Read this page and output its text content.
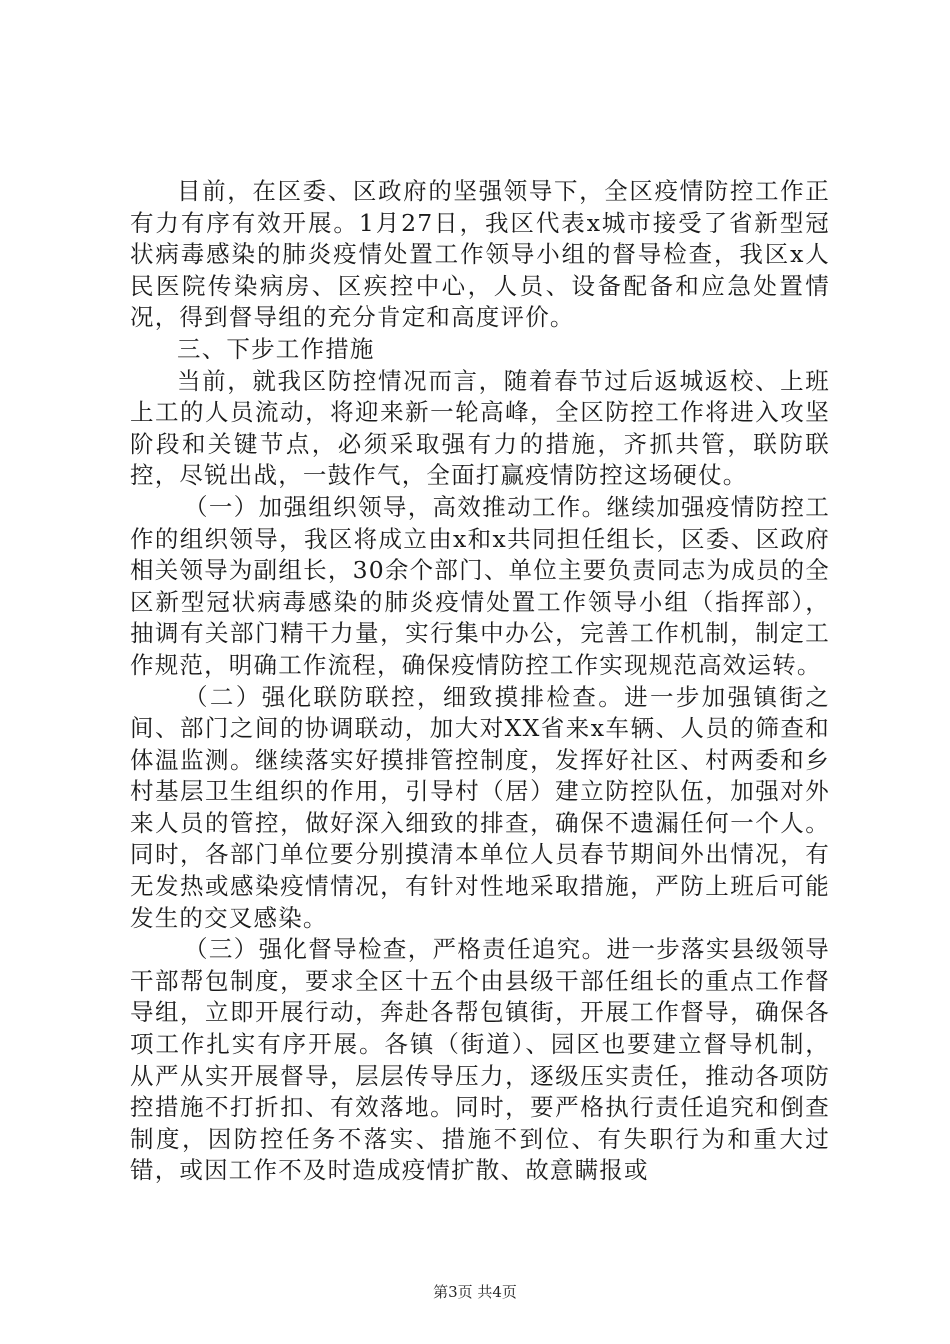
目前，在区委、区政府的坚强领导下，全区疫情防控工作正有力有序有效开展。1月27日，我区代表x城市接受了省新型冠状病毒感染的肺炎疫情处置工作领导小组的督导检查，我区x人民医院传染病房、区疾控中心，人员、设备配备和应急处置情况，得到督导组的充分肯定和高度评价。

三、下步工作措施

当前，就我区防控情况而言，随着春节过后返城返校、上班上工的人员流动，将迎来新一轮高峰，全区防控工作将进入攻坚阶段和关键节点，必须采取强有力的措施，齐抓共管，联防联控，尽锐出战，一鼓作气，全面打赢疫情防控这场硬仗。

（一）加强组织领导，高效推动工作。继续加强疫情防控工作的组织领导，我区将成立由x和x共同担任组长，区委、区政府相关领导为副组长，30余个部门、单位主要负责同志为成员的全区新型冠状病毒感染的肺炎疫情处置工作领导小组（指挥部），抽调有关部门精干力量，实行集中办公，完善工作机制，制定工作规范，明确工作流程，确保疫情防控工作实现规范高效运转。

（二）强化联防联控，细致摸排检查。进一步加强镇街之间、部门之间的协调联动，加大对XX省来x车辆、人员的筛查和体温监测。继续落实好摸排管控制度，发挥好社区、村两委和乡村基层卫生组织的作用，引导村（居）建立防控队伍，加强对外来人员的管控，做好深入细致的排查，确保不遗漏任何一个人。同时，各部门单位要分别摸清本单位人员春节期间外出情况，有无发热或感染疫情情况，有针对性地采取措施，严防上班后可能发生的交叉感染。

（三）强化督导检查，严格责任追究。进一步落实县级领导干部帮包制度，要求全区十五个由县级干部任组长的重点工作督导组，立即开展行动，奔赴各帮包镇街，开展工作督导，确保各项工作扎实有序开展。各镇（街道）、园区也要建立督导机制，从严从实开展督导，层层传导压力，逐级压实责任，推动各项防控措施不打折扣、有效落地。同时，要严格执行责任追究和倒查制度，因防控任务不落实、措施不到位、有失职行为和重大过错，或因工作不及时造成疫情扩散、故意瞒报或

第3页 共4页
